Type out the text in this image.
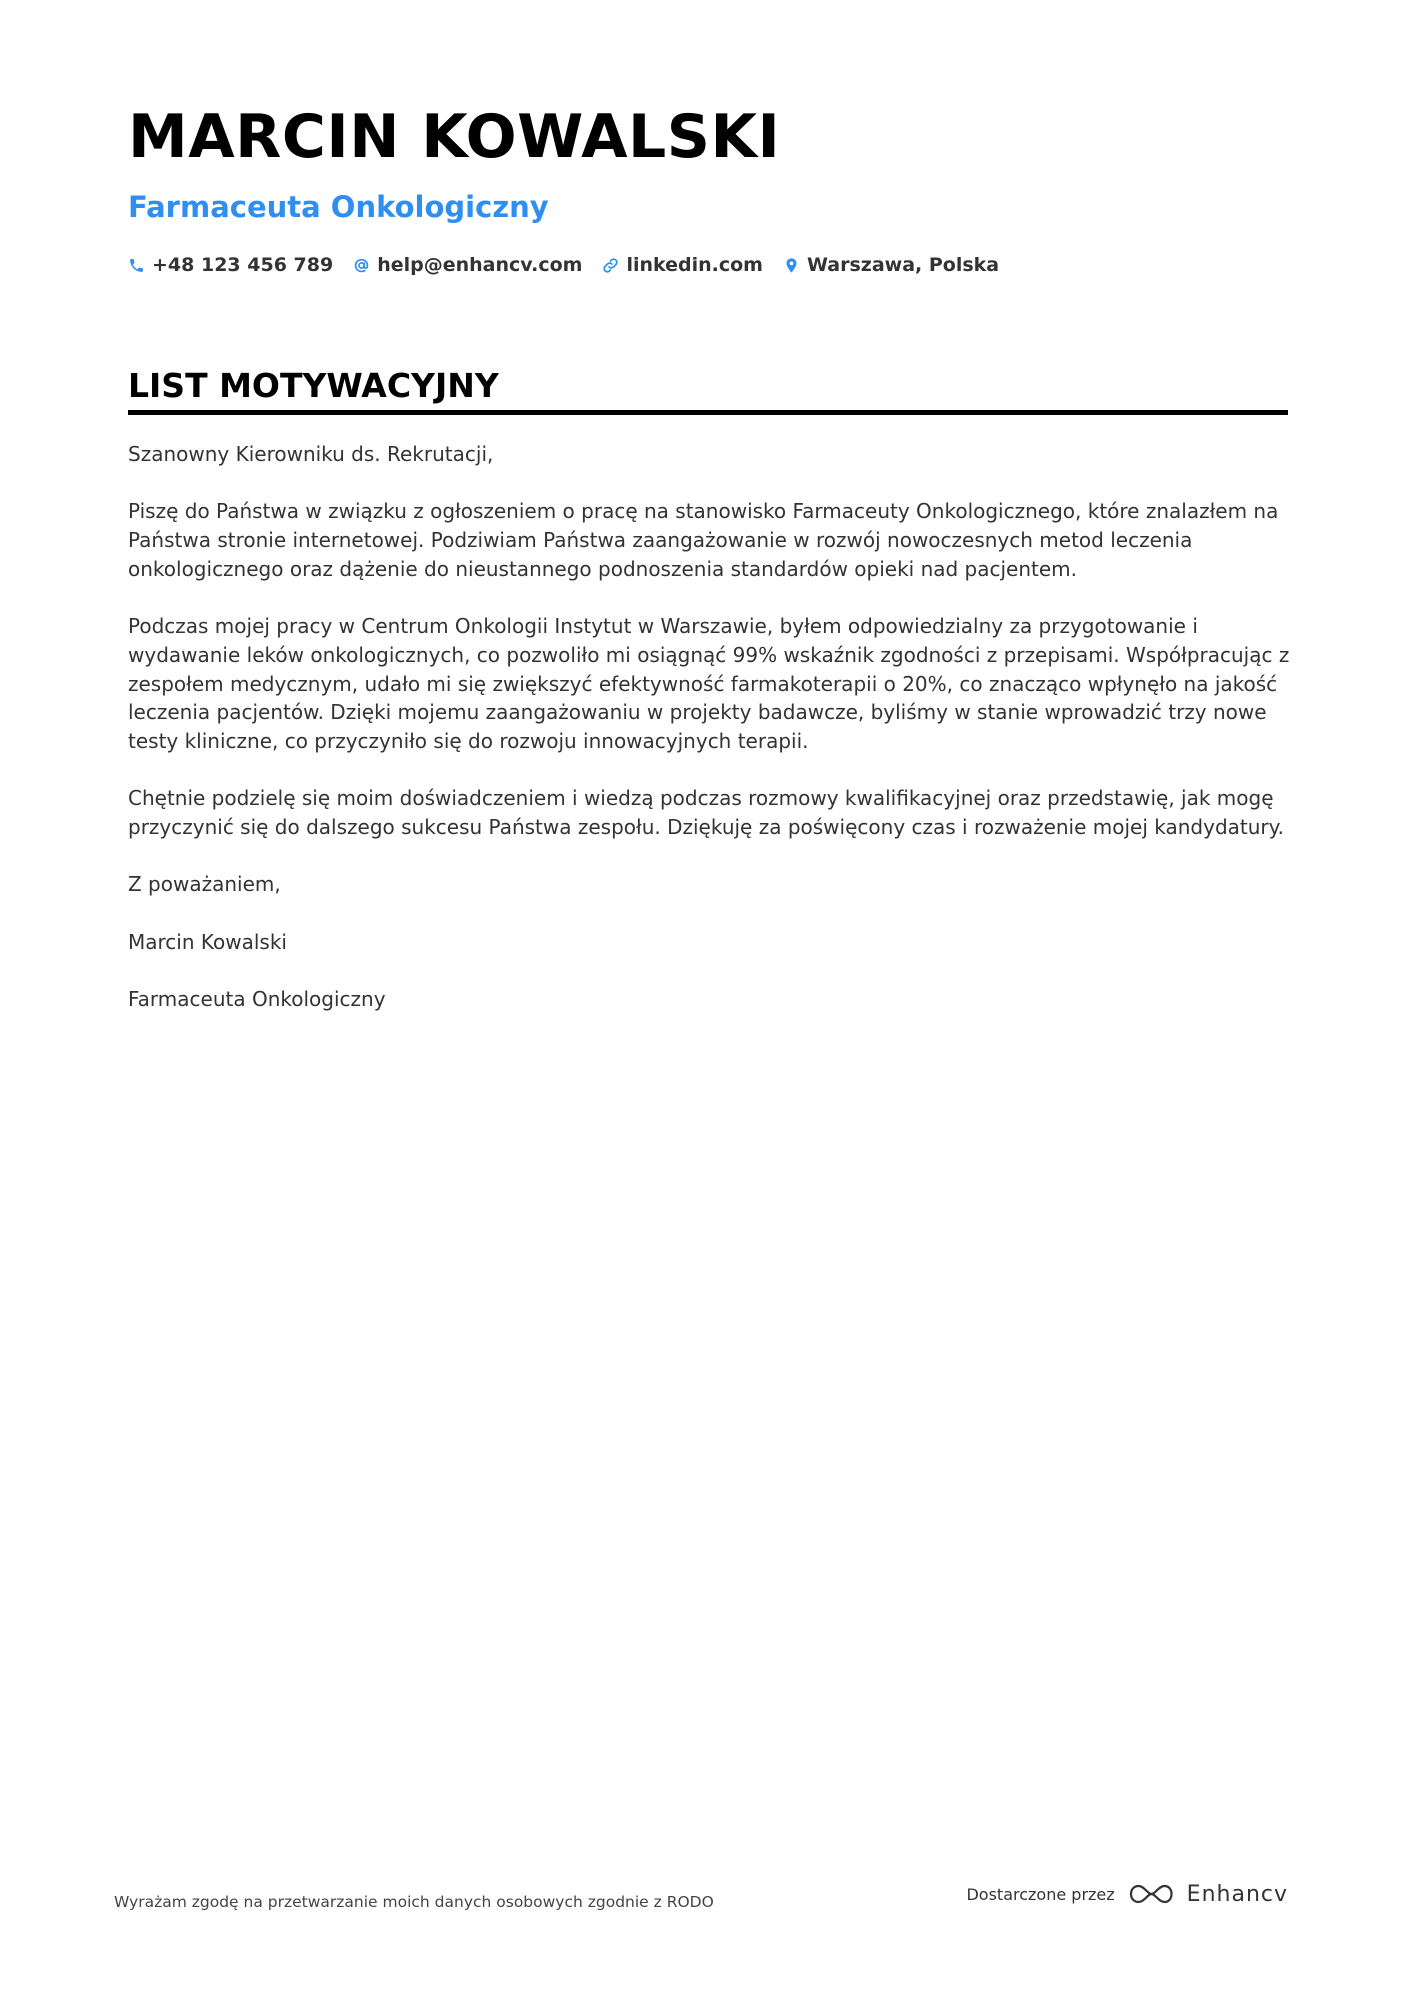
MARCIN KOWALSKI
Farmaceuta Onkologiczny
+48 123 456 789 help@enhancv.com linkedin.com Warszawa, Polska
LIST MOTYWACYJNY

Szanowny Kierowniku ds. Rekrutacji,

Piszę do Państwa w związku z ogłoszeniem o pracę na stanowisko Farmaceuty Onkologicznego, które znalazłem na Państwa stronie internetowej. Podziwiam Państwa zaangażowanie w rozwój nowoczesnych metod leczenia onkologicznego oraz dążenie do nieustannego podnoszenia standardów opieki nad pacjentem.

Podczas mojej pracy w Centrum Onkologii Instytut w Warszawie, byłem odpowiedzialny za przygotowanie i wydawanie leków onkologicznych, co pozwoliło mi osiągnąć 99% wskaźnik zgodności z przepisami. Współpracując z zespołem medycznym, udało mi się zwiększyć efektywność farmakoterapii o 20%, co znacząco wpłynęło na jakość leczenia pacjentów. Dzięki mojemu zaangażowaniu w projekty badawcze, byliśmy w stanie wprowadzić trzy nowe testy kliniczne, co przyczyniło się do rozwoju innowacyjnych terapii.

Chętnie podzielę się moim doświadczeniem i wiedzą podczas rozmowy kwalifikacyjnej oraz przedstawię, jak mogę przyczynić się do dalszego sukcesu Państwa zespołu. Dziękuję za poświęcony czas i rozważenie mojej kandydatury.

Z poważaniem,

Marcin Kowalski

Farmaceuta Onkologiczny

Wyrażam zgodę na przetwarzanie moich danych osobowych zgodnie z RODO	Dostarczone przez	Enhancv
